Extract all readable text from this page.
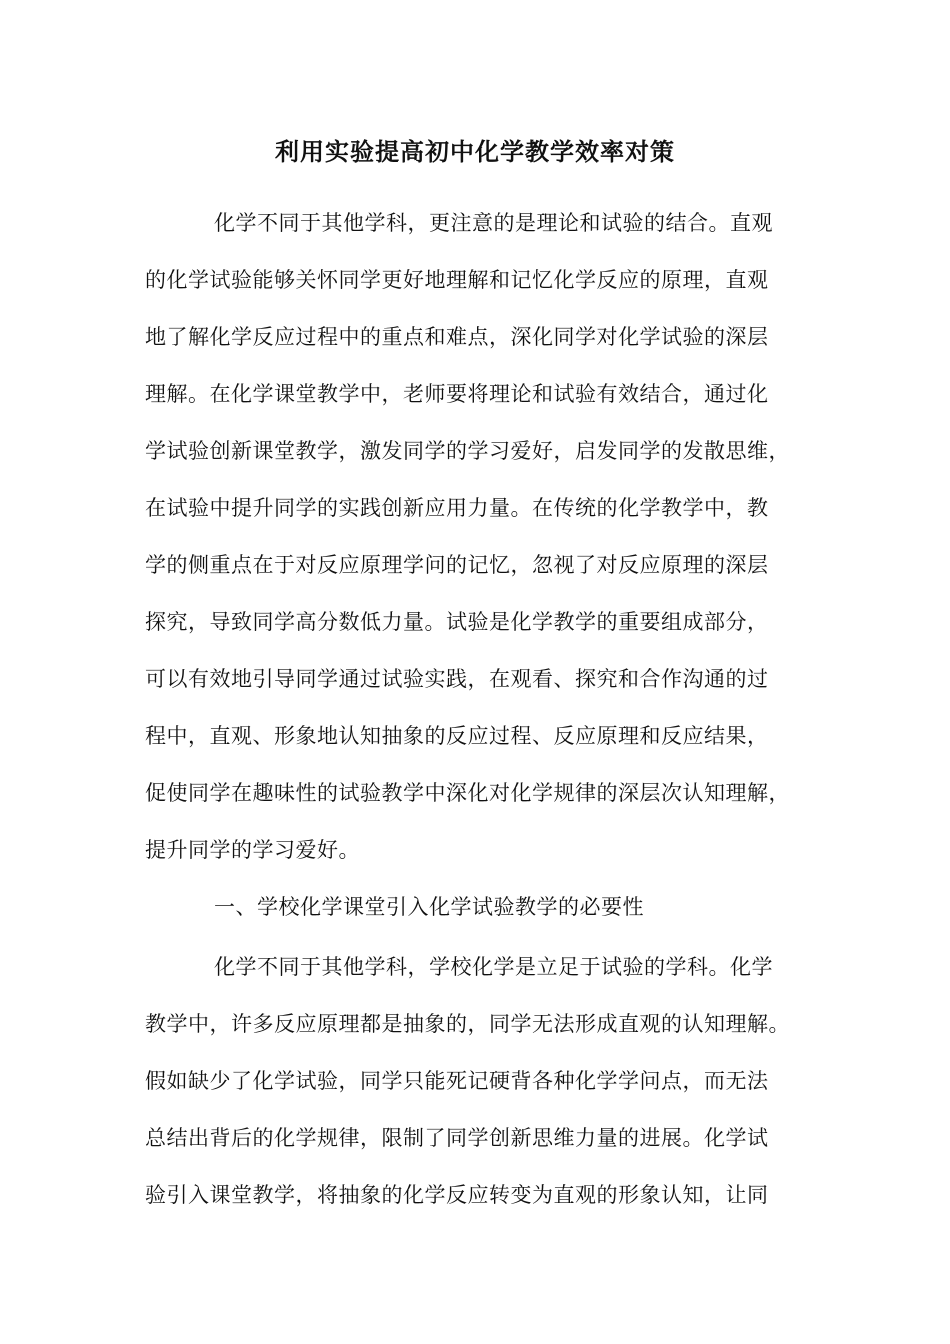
利用实验提高初中化学教学效率对策
化学不同于其他学科，更注意的是理论和试验的结合。直观
的化学试验能够关怀同学更好地理解和记忆化学反应的原理，直观
地了解化学反应过程中的重点和难点，深化同学对化学试验的深层
理解。在化学课堂教学中，老师要将理论和试验有效结合，通过化
学试验创新课堂教学，激发同学的学习爱好，启发同学的发散思维，
在试验中提升同学的实践创新应用力量。在传统的化学教学中，教
学的侧重点在于对反应原理学问的记忆，忽视了对反应原理的深层
探究，导致同学高分数低力量。试验是化学教学的重要组成部分，
可以有效地引导同学通过试验实践，在观看、探究和合作沟通的过
程中，直观、形象地认知抽象的反应过程、反应原理和反应结果，
促使同学在趣味性的试验教学中深化对化学规律的深层次认知理解，
提升同学的学习爱好。
一、学校化学课堂引入化学试验教学的必要性
化学不同于其他学科，学校化学是立足于试验的学科。化学
教学中，许多反应原理都是抽象的，同学无法形成直观的认知理解。
假如缺少了化学试验，同学只能死记硬背各种化学学问点，而无法
总结出背后的化学规律，限制了同学创新思维力量的进展。化学试
验引入课堂教学，将抽象的化学反应转变为直观的形象认知，让同
